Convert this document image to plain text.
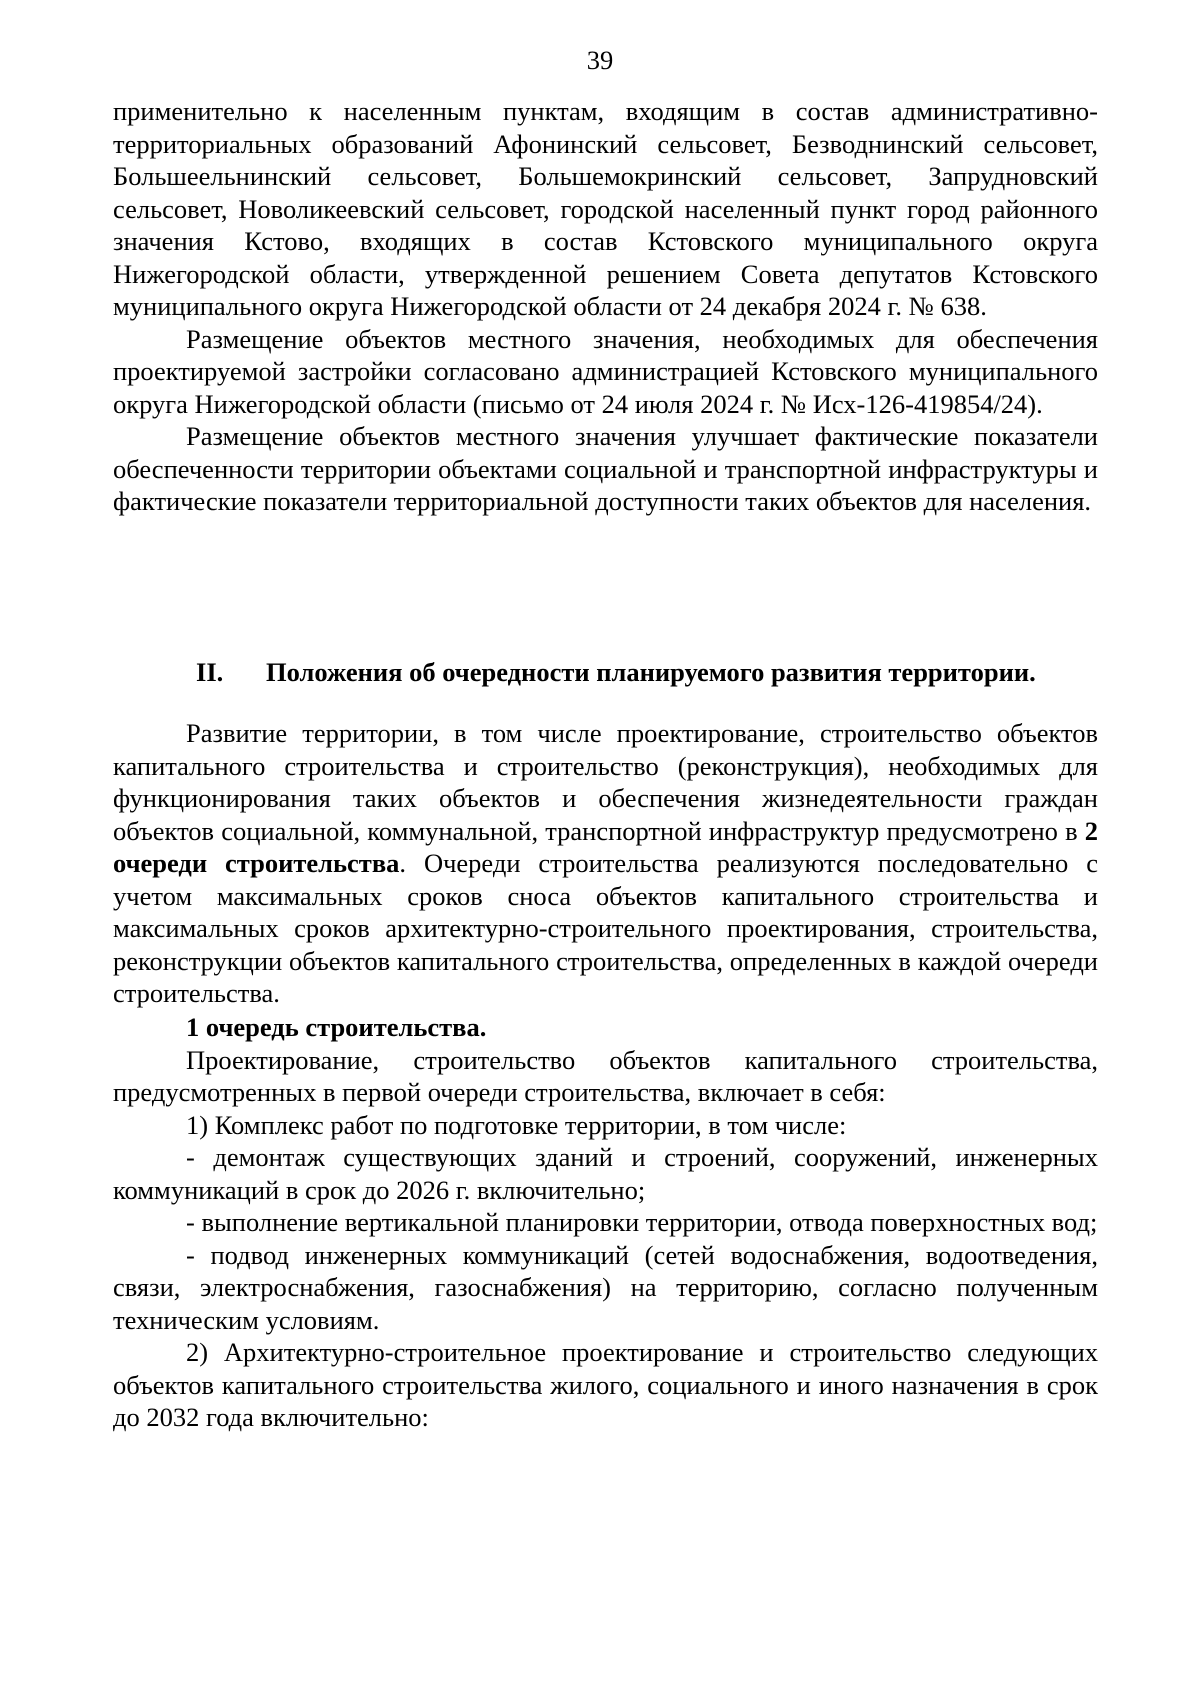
39

применительно к населенным пунктам, входящим в состав административно-территориальных образований Афонинский сельсовет, Безводнинский сельсовет, Большеельнинский сельсовет, Большемокринский сельсовет, Запрудновский сельсовет, Новоликеевский сельсовет, городской населенный пункт город районного значения Кстово, входящих в состав Кстовского муниципального округа Нижегородской области, утвержденной решением Совета депутатов Кстовского муниципального округа Нижегородской области от 24 декабря 2024 г. № 638.

Размещение объектов местного значения, необходимых для обеспечения проектируемой застройки согласовано администрацией Кстовского муниципального округа Нижегородской области (письмо от 24 июля 2024 г. № Исх-126-419854/24).

Размещение объектов местного значения улучшает фактические показатели обеспеченности территории объектами социальной и транспортной инфраструктуры и фактические показатели территориальной доступности таких объектов для населения.

II. Положения об очередности планируемого развития территории.

Развитие территории, в том числе проектирование, строительство объектов капитального строительства и строительство (реконструкция), необходимых для функционирования таких объектов и обеспечения жизнедеятельности граждан объектов социальной, коммунальной, транспортной инфраструктур предусмотрено в 2 очереди строительства. Очереди строительства реализуются последовательно с учетом максимальных сроков сноса объектов капитального строительства и максимальных сроков архитектурно-строительного проектирования, строительства, реконструкции объектов капитального строительства, определенных в каждой очереди строительства.

1 очередь строительства.

Проектирование, строительство объектов капитального строительства, предусмотренных в первой очереди строительства, включает в себя:

1) Комплекс работ по подготовке территории, в том числе:

- демонтаж существующих зданий и строений, сооружений, инженерных коммуникаций в срок до 2026 г. включительно;

- выполнение вертикальной планировки территории, отвода поверхностных вод;

- подвод инженерных коммуникаций (сетей водоснабжения, водоотведения, связи, электроснабжения, газоснабжения) на территорию, согласно полученным техническим условиям.

2) Архитектурно-строительное проектирование и строительство следующих объектов капитального строительства жилого, социального и иного назначения в срок до 2032 года включительно:
